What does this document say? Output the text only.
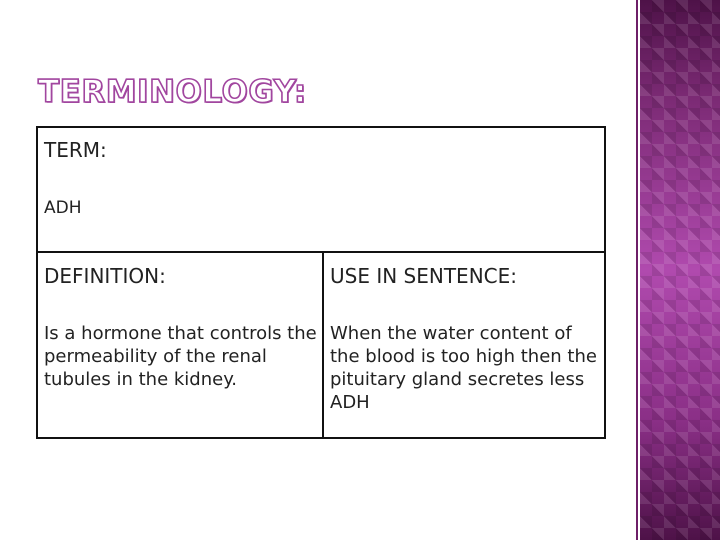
TERMINOLOGY:
TERM:
ADH
DEFINITION:
Is a hormone that controls the permeability of the renal tubules in the kidney.
USE IN SENTENCE:
When the water content of the blood is too high then the pituitary gland secretes less ADH
